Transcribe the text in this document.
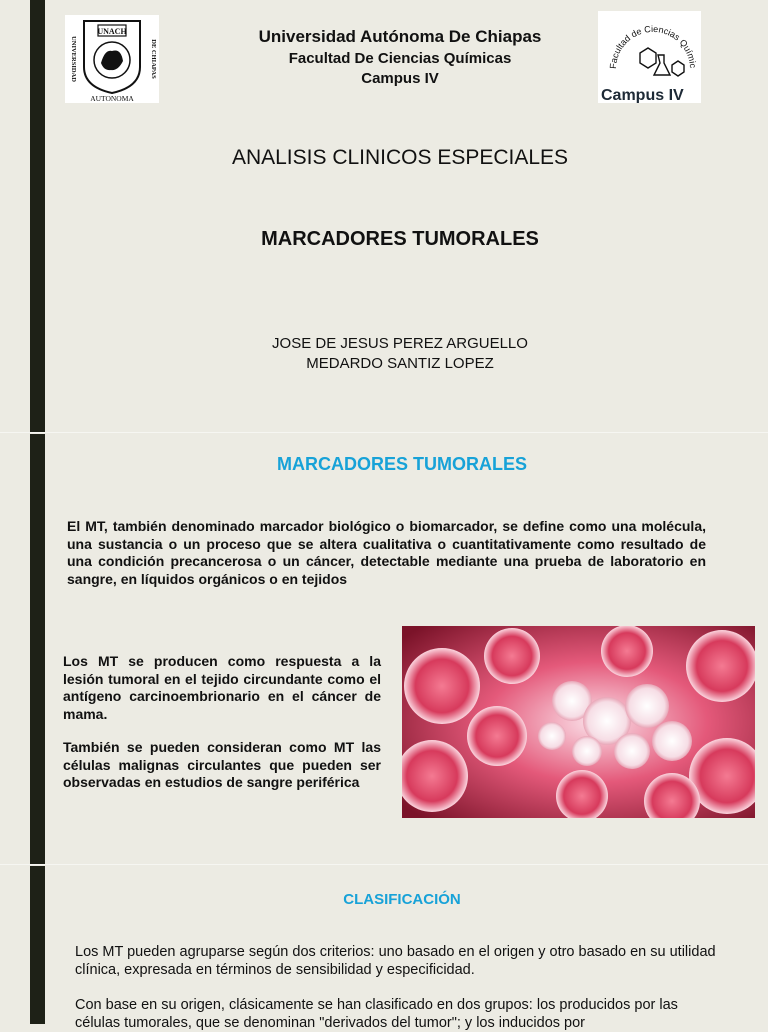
UNACH
UNIVERSIDAD	DE CHIAPAS
AUTONOMA
Universidad Autónoma De Chiapas
Facultad De Ciencias Químicas
Campus IV
Facultad de Ciencias Químic
Campus IV
ANALISIS CLINICOS ESPECIALES
MARCADORES TUMORALES
JOSE DE JESUS PEREZ ARGUELLO
MEDARDO SANTIZ LOPEZ
MARCADORES TUMORALES
El MT, también denominado marcador biológico o biomarcador, se define como una molécula, una sustancia o un proceso que se altera cualitativa o cuantitativamente como resultado de una condición precancerosa o un cáncer, detectable mediante una prueba de laboratorio en sangre, en líquidos orgánicos o en tejidos
Los MT se producen como respuesta a la lesión tumoral en el tejido circundante como el antígeno carcinoembrionario en el cáncer de mama.
También se pueden consideran como MT las células malignas circulantes que pueden ser observadas en estudios de sangre periférica
CLASIFICACIÓN
Los MT pueden agruparse según dos criterios: uno basado en el origen y otro basado en su utilidad clínica, expresada en términos de sensibilidad y especificidad.
Con base en su origen, clásicamente se han clasificado en dos grupos: los producidos por las células tumorales, que se denominan "derivados del tumor"; y los inducidos por
